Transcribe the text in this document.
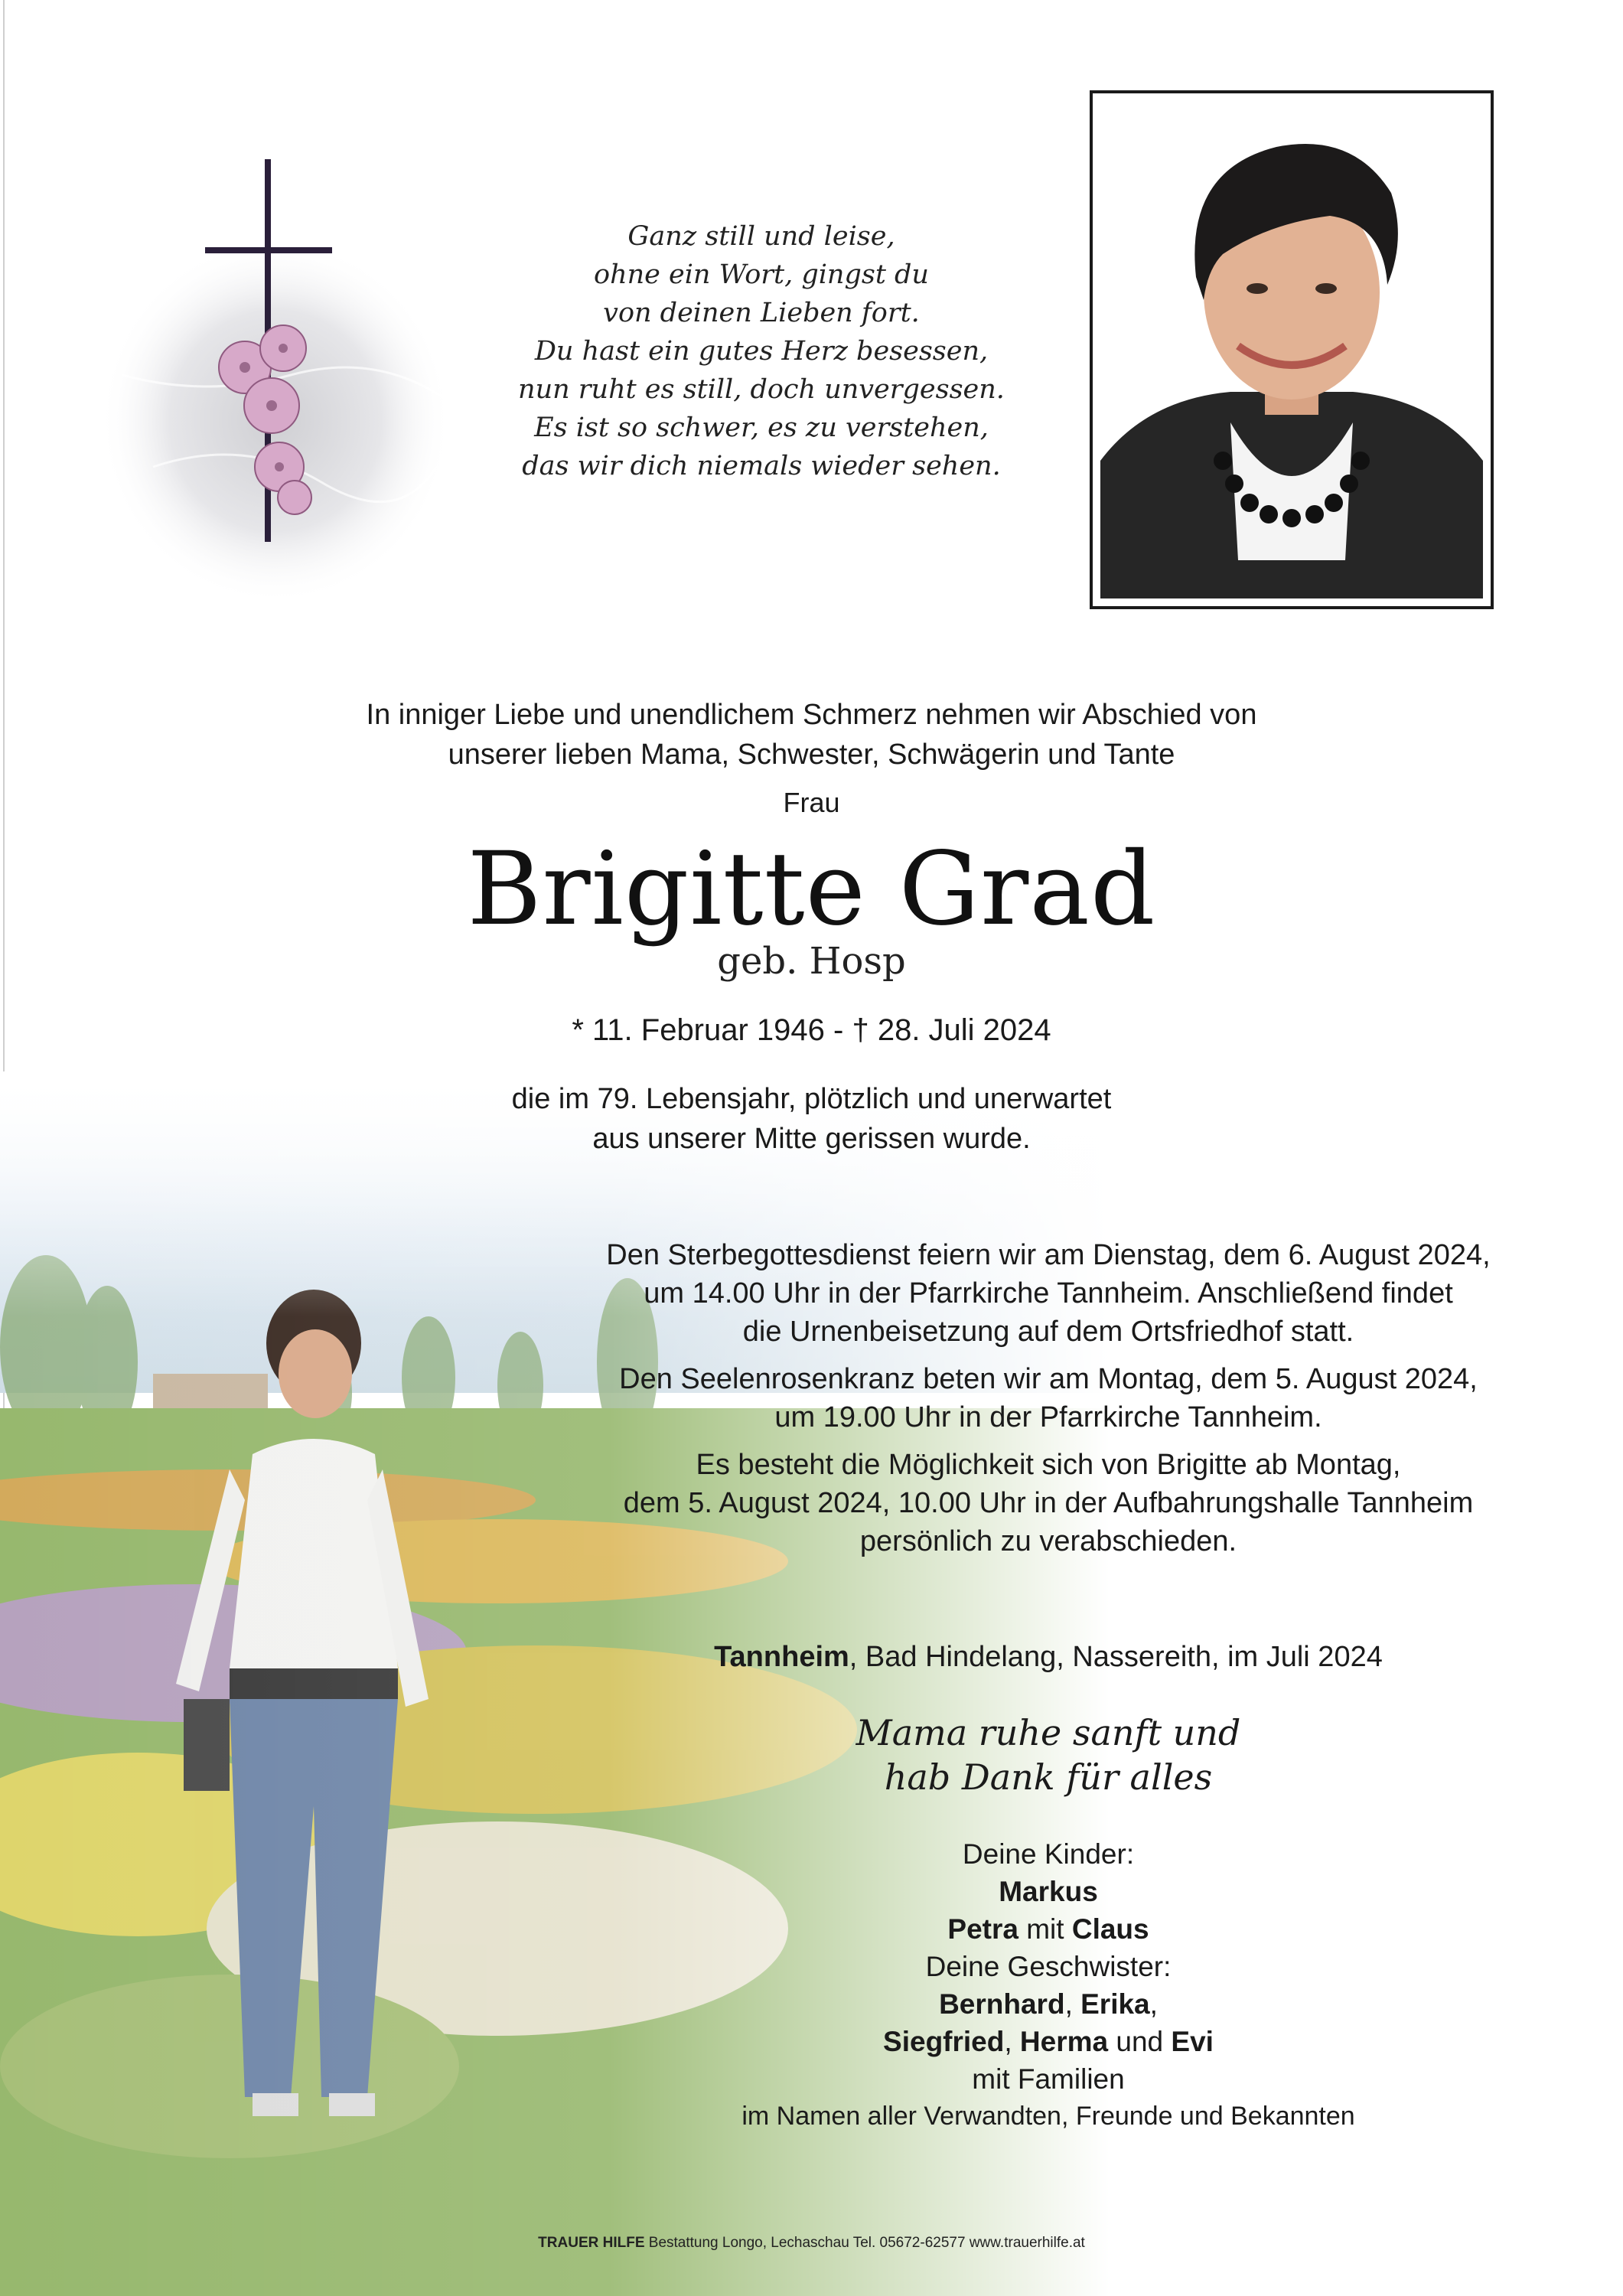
Ganz still und leise,
ohne ein Wort, gingst du
von deinen Lieben fort.
Du hast ein gutes Herz besessen,
nun ruht es still, doch unvergessen.
Es ist so schwer, es zu verstehen,
das wir dich niemals wieder sehen.
In inniger Liebe und unendlichem Schmerz nehmen wir Abschied von
unserer lieben Mama, Schwester, Schwägerin und Tante
Frau
Brigitte Grad
geb. Hosp
* 11. Februar 1946 - † 28. Juli 2024
die im 79. Lebensjahr, plötzlich und unerwartet
aus unserer Mitte gerissen wurde.

Den Sterbegottesdienst feiern wir am Dienstag, dem 6. August 2024,
um 14.00 Uhr in der Pfarrkirche Tannheim. Anschließend findet
die Urnenbeisetzung auf dem Ortsfriedhof statt.

Den Seelenrosenkranz beten wir am Montag, dem 5. August 2024,
um 19.00 Uhr in der Pfarrkirche Tannheim.

Es besteht die Möglichkeit sich von Brigitte ab Montag,
dem 5. August 2024, 10.00 Uhr in der Aufbahrungshalle Tannheim
persönlich zu verabschieden.

Tannheim, Bad Hindelang, Nassereith, im Juli 2024
Mama ruhe sanft und
hab Dank für alles
Deine Kinder:
Markus
Petra mit Claus
Deine Geschwister:
Bernhard, Erika,
Siegfried, Herma und Evi
mit Familien
im Namen aller Verwandten, Freunde und Bekannten
TRAUER HILFE Bestattung Longo, Lechaschau Tel. 05672-62577 www.trauerhilfe.at
